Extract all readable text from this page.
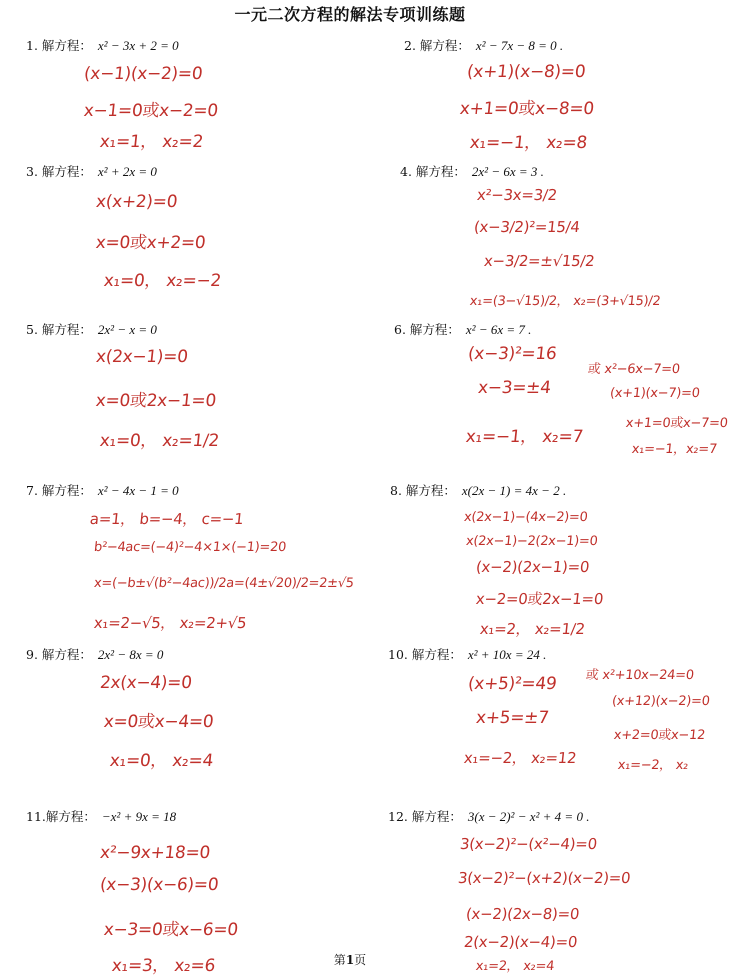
一元二次方程的解法专项训练题
1. 解方程： x² − 3x + 2 = 0
(x−1)(x−2)=0
x−1=0或x−2=0
x₁=1， x₂=2
2. 解方程： x² − 7x − 8 = 0 .
(x+1)(x−8)=0
x+1=0或x−8=0
x₁=−1， x₂=8
3. 解方程： x² + 2x = 0
x(x+2)=0
x=0或x+2=0
x₁=0， x₂=−2
4. 解方程： 2x² − 6x = 3 .
x²−3x=3/2
(x−3/2)²=15/4
x−3/2=±√15/2
x₁=(3−√15)/2， x₂=(3+√15)/2
5. 解方程： 2x² − x = 0
x(2x−1)=0
x=0或2x−1=0
x₁=0， x₂=1/2
6. 解方程： x² − 6x = 7 .
(x−3)²=16
x−3=±4
x₁=−1， x₂=7
或 x²−6x−7=0
(x+1)(x−7)=0
x+1=0或x−7=0
x₁=−1，x₂=7
7. 解方程： x² − 4x − 1 = 0
a=1， b=−4， c=−1
b²−4ac=(−4)²−4×1×(−1)=20
x=(−b±√(b²−4ac))/2a=(4±√20)/2=2±√5
x₁=2−√5， x₂=2+√5
8. 解方程： x(2x − 1) = 4x − 2 .
x(2x−1)−(4x−2)=0
x(2x−1)−2(2x−1)=0
(x−2)(2x−1)=0
x−2=0或2x−1=0
x₁=2， x₂=1/2
9. 解方程： 2x² − 8x = 0
2x(x−4)=0
x=0或x−4=0
x₁=0， x₂=4
10. 解方程： x² + 10x = 24 .
(x+5)²=49
x+5=±7
x₁=−2， x₂=12
或 x²+10x−24=0
(x+12)(x−2)=0
x+2=0或x−12
x₁=−2， x₂
11.解方程： −x² + 9x = 18
x²−9x+18=0
(x−3)(x−6)=0
x−3=0或x−6=0
x₁=3， x₂=6
12. 解方程： 3(x − 2)² − x² + 4 = 0 .
3(x−2)²−(x²−4)=0
3(x−2)²−(x+2)(x−2)=0
(x−2)(2x−8)=0
2(x−2)(x−4)=0
x₁=2， x₂=4
第1页
